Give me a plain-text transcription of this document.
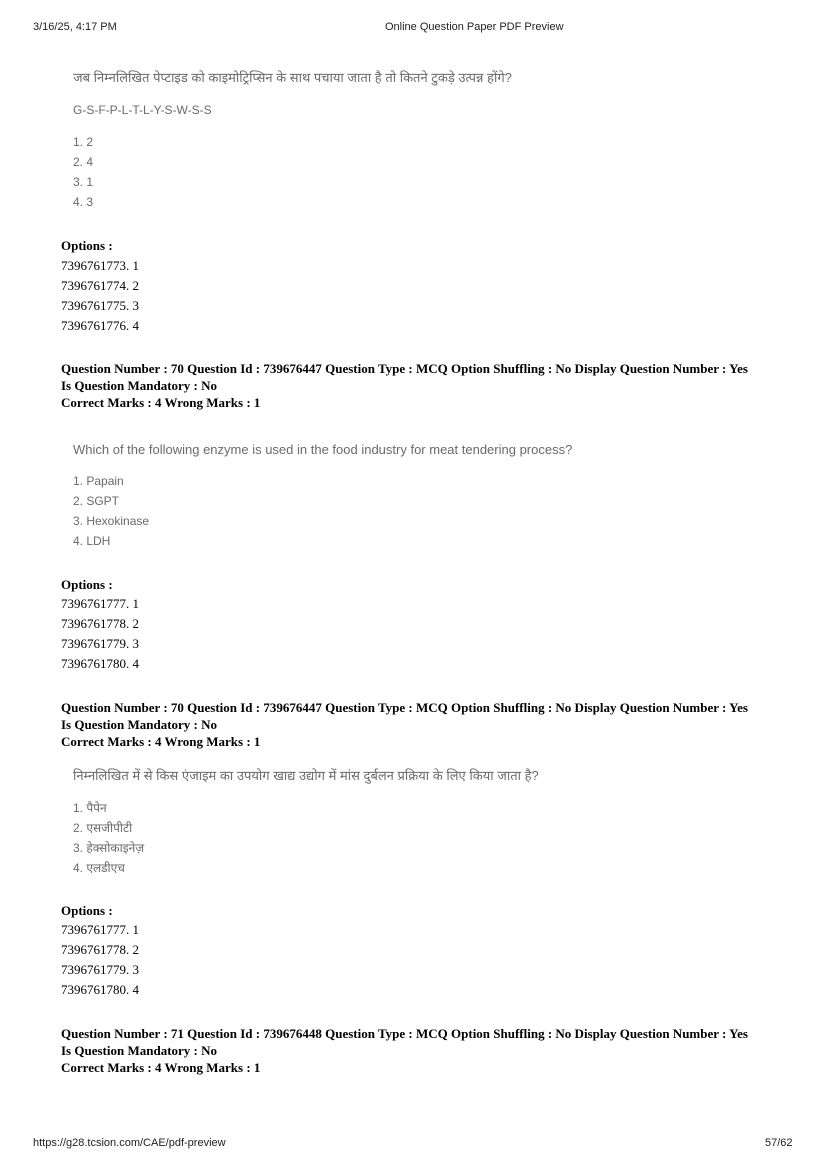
3/16/25, 4:17 PM	Online Question Paper PDF Preview
जब निम्नलिखित पेप्टाइड को काइमोट्रिप्सिन के साथ पचाया जाता है तो कितने टुकड़े उत्पन्न होंगे?
G-S-F-P-L-T-L-Y-S-W-S-S
1. 2
2. 4
3. 1
4. 3
Options :
7396761773. 1
7396761774. 2
7396761775. 3
7396761776. 4
Question Number : 70 Question Id : 739676447 Question Type : MCQ Option Shuffling : No Display Question Number : Yes
Is Question Mandatory : No
Correct Marks : 4 Wrong Marks : 1
Which of the following enzyme is used in the food industry for meat tendering process?
1. Papain
2. SGPT
3. Hexokinase
4. LDH
Options :
7396761777. 1
7396761778. 2
7396761779. 3
7396761780. 4
Question Number : 70 Question Id : 739676447 Question Type : MCQ Option Shuffling : No Display Question Number : Yes
Is Question Mandatory : No
Correct Marks : 4 Wrong Marks : 1
निम्नलिखित में से किस एंजाइम का उपयोग खाद्य उद्योग में मांस दुर्बलन प्रक्रिया के लिए किया जाता है?
1. पैपेन
2. एसजीपीटी
3. हेक्सोकाइनेज़
4. एलडीएच
Options :
7396761777. 1
7396761778. 2
7396761779. 3
7396761780. 4
Question Number : 71 Question Id : 739676448 Question Type : MCQ Option Shuffling : No Display Question Number : Yes
Is Question Mandatory : No
Correct Marks : 4 Wrong Marks : 1
https://g28.tcsion.com/CAE/pdf-preview	57/62
